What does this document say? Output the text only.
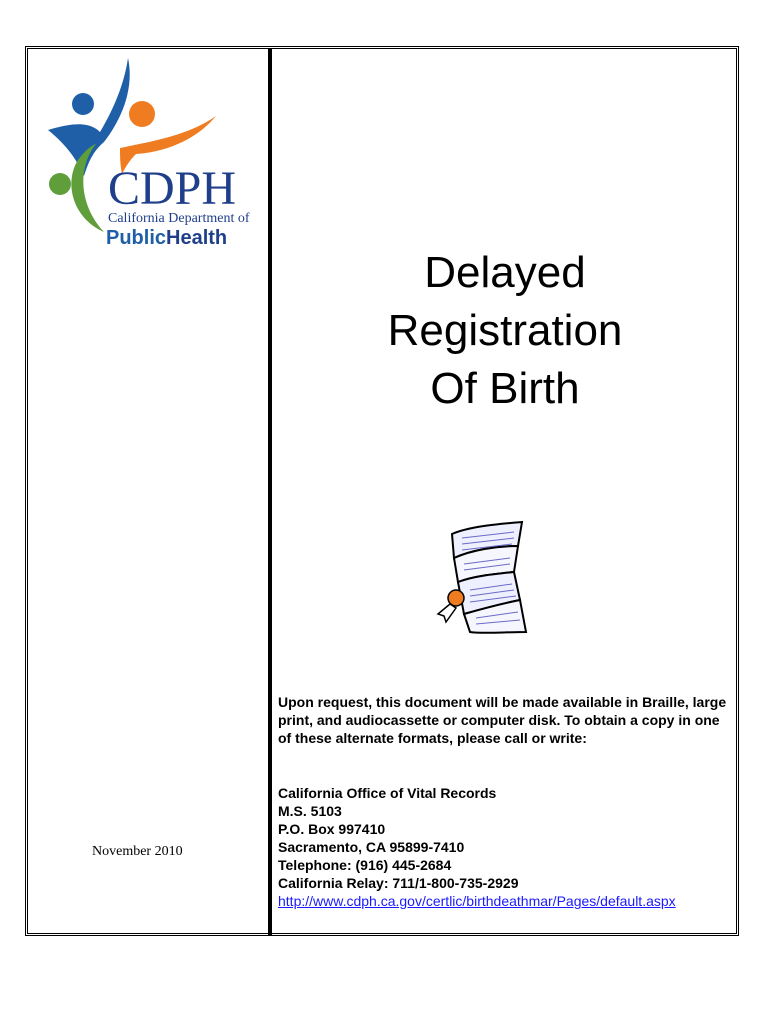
CDPH
California Department of
PublicHealth
Delayed
Registration
Of Birth
Upon request, this document will be made available in Braille, large print, and audiocassette or computer disk. To obtain a copy in one of these alternate formats, please call or write:
California Office of Vital Records
M.S. 5103
P.O. Box 997410
Sacramento, CA 95899-7410
Telephone: (916) 445-2684
California Relay: 711/1-800-735-2929
http://www.cdph.ca.gov/certlic/birthdeathmar/Pages/default.aspx
November 2010
